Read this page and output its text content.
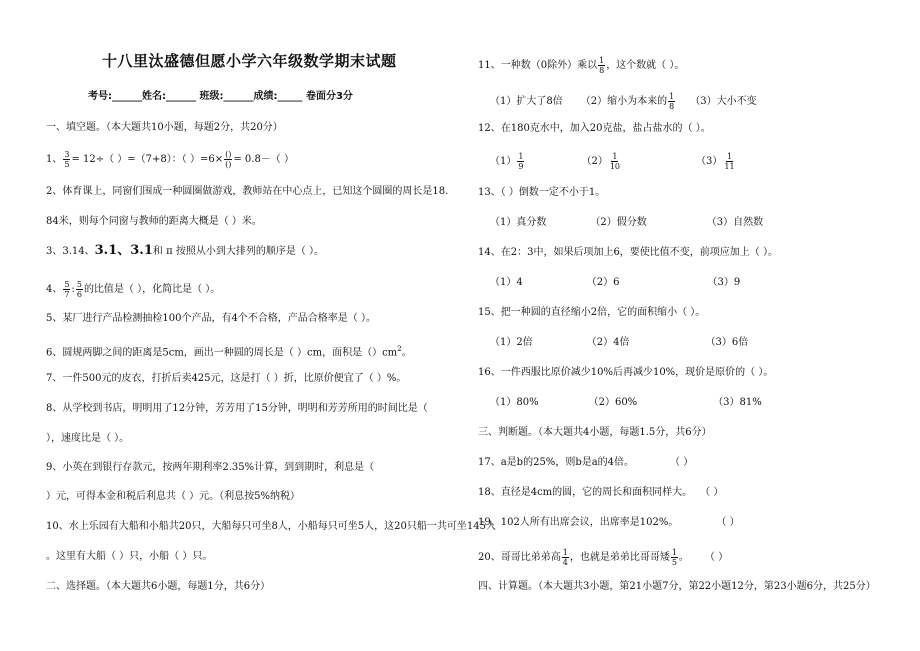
十八里汰盛德但愿小学六年级数学期末试题
考号:______姓名:______ 班级:______成绩:_____ 卷面分3分
一、填空题。（本大题共10小题，每题2分，共20分）
1、 $\frac{3}{5} = 12\div$（ ）=（7+8）：（ ）$=6\times \frac{()}{()} = 0.8-$（ ）
2、体育课上，同窗们围成一种圆圈做游戏，教师站在中心点上，已知这个圆圈的周长是18.
84米，则每个同窗与教师的距离大概是（ ）米。
3、3.14、3.1、3.1和 π 按照从小到大排列的顺序是（ ）。
4、 $\frac{5}{7}$ : $\frac{5}{6}$ 的比值是（ ），化简比是（ ）。
5、某厂进行产品检测抽检100个产品，有4个不合格，产品合格率是（ ）。
6、圆规两脚之间的距离是5cm，画出一种圆的周长是（ ）cm，面积是$()cm^2$。
7、一件500元的皮衣，打折后卖425元，这是打（ ）折，比原价便宜了（ ）%。
8、从学校到书店，明明用了12分钟，芳芳用了15分钟，明明和芳芳所用的时间比是（
），速度比是（ ）。
9、小英在到银行存款元，按两年期利率2.35%计算，到到期时，利息是（
）元，可得本金和税后利息共（ ）元。（利息按5%纳税）
10、水上乐园有大船和小船共20只，大船每只可坐8人，小船每只可坐5人，这20只船一共可坐145人
。这里有大船（ ）只，小船（ ）只。
二、选择题。（本大题共6小题，每题1分，共6分）
11、一种数（0除外）乘以 $\frac{1}{8}$ ，这个数就（ ）。
（1）扩大了8倍 （2）缩小为本来的 $\frac{1}{8} (3)$大小不变
12、在180克水中，加入20克盐，盐占盐水的（ ）。
$(1) \frac{1}{9}$	$(2) \frac{1}{10}$	$(3) \frac{1}{11}$
13、（ ）倒数一定不小于1。
（1）真分数	（2）假分数	（3）自然数
14、在2：3中，如果后项加上6，要使比值不变，前项应加上（ ）。
（1）4	（2）6	（3）9
15、把一种圆的直径缩小2倍，它的面积缩小（ ）。
（1）2倍	（2）4倍	（3）6倍
16、一件西服比原价减少10%后再减少10%，现价是原价的（ ）。
（1）80%	（2）60%	（3）81%
三、判断题。（本大题共4小题，每题1.5分，共6分）
17、a是b的25%，则b是a的4倍。	（ ）
18、直径是4cm的圆，它的周长和面积同样大。 （ ）
19、102人所有出席会议，出席率是102%。	（ ）
20、哥哥比弟弟高 $\frac{1}{4}$ ，也就是弟弟比哥哥矮 $\frac{1}{5}$ 。 （ ）
四、计算题。（本大题共3小题，第21小题7分，第22小题12分，第23小题6分，共25分）
